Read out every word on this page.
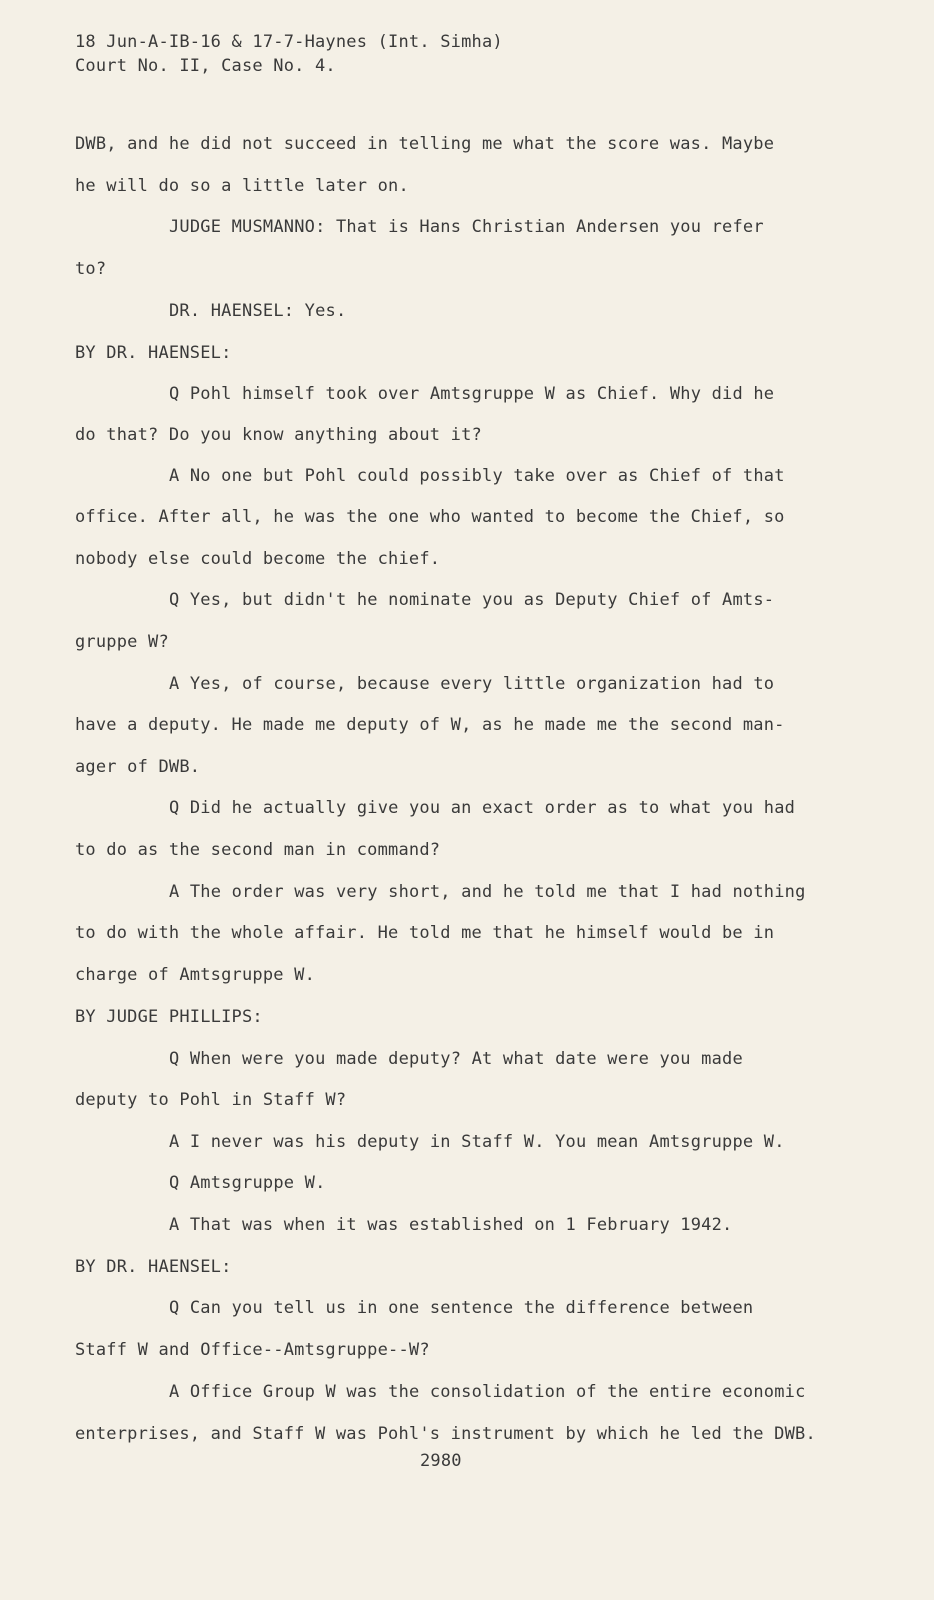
18 Jun-A-IB-16 & 17-7-Haynes (Int. Simha)
Court No. II, Case No. 4.
DWB, and he did not succeed in telling me what the score was. Maybe
he will do so a little later on.
JUDGE MUSMANNO: That is Hans Christian Andersen you refer
to?
DR. HAENSEL: Yes.
BY DR. HAENSEL:
Q Pohl himself took over Amtsgruppe W as Chief. Why did he
do that? Do you know anything about it?
A No one but Pohl could possibly take over as Chief of that
office. After all, he was the one who wanted to become the Chief, so
nobody else could become the chief.
Q Yes, but didn't he nominate you as Deputy Chief of Amts-
gruppe W?
A Yes, of course, because every little organization had to
have a deputy. He made me deputy of W, as he made me the second man-
ager of DWB.
Q Did he actually give you an exact order as to what you had
to do as the second man in command?
A The order was very short, and he told me that I had nothing
to do with the whole affair. He told me that he himself would be in
charge of Amtsgruppe W.
BY JUDGE PHILLIPS:
Q When were you made deputy? At what date were you made
deputy to Pohl in Staff W?
A I never was his deputy in Staff W. You mean Amtsgruppe W.
Q Amtsgruppe W.
A That was when it was established on 1 February 1942.
BY DR. HAENSEL:
Q Can you tell us in one sentence the difference between
Staff W and Office--Amtsgruppe--W?
A Office Group W was the consolidation of the entire economic
enterprises, and Staff W was Pohl's instrument by which he led the DWB.
2980
